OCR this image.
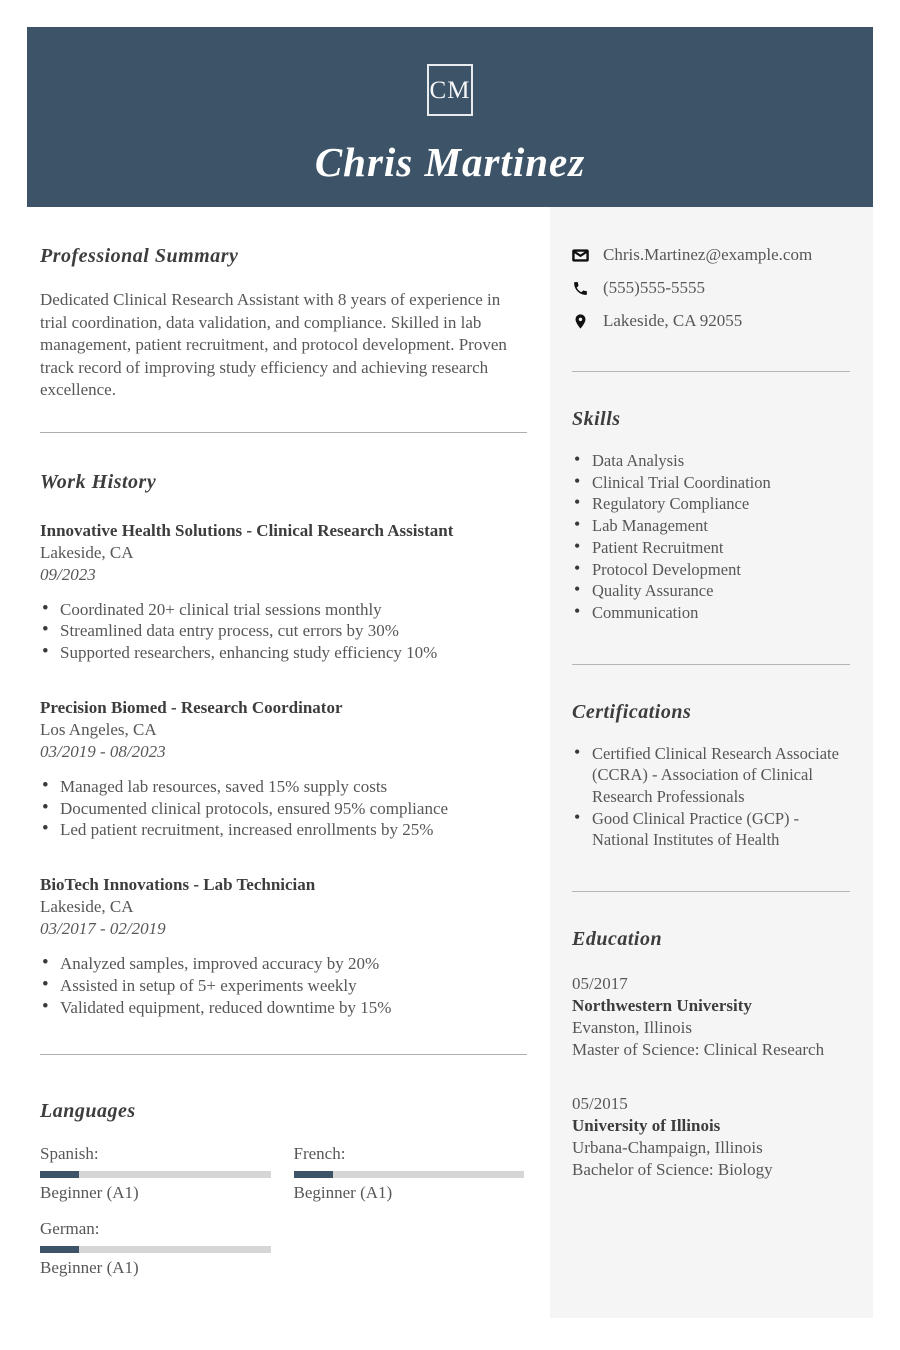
CM
Chris Martinez
Professional Summary

Dedicated Clinical Research Assistant with 8 years of experience in trial coordination, data validation, and compliance. Skilled in lab management, patient recruitment, and protocol development. Proven track record of improving study efficiency and achieving research excellence.

Work History
Innovative Health Solutions - Clinical Research Assistant
Lakeside, CA
09/2023
• Coordinated 20+ clinical trial sessions monthly
• Streamlined data entry process, cut errors by 30%
• Supported researchers, enhancing study efficiency 10%
Precision Biomed - Research Coordinator
Los Angeles, CA
03/2019 - 08/2023
• Managed lab resources, saved 15% supply costs
• Documented clinical protocols, ensured 95% compliance
• Led patient recruitment, increased enrollments by 25%
BioTech Innovations - Lab Technician
Lakeside, CA
03/2017 - 02/2019
• Analyzed samples, improved accuracy by 20%
• Assisted in setup of 5+ experiments weekly
• Validated equipment, reduced downtime by 15%
Languages
Spanish:
Beginner (A1)
French:
Beginner (A1)
German:
Beginner (A1)
Chris.Martinez@example.com
(555)555-5555
Lakeside, CA 92055
Skills
• Data Analysis
• Clinical Trial Coordination
• Regulatory Compliance
• Lab Management
• Patient Recruitment
• Protocol Development
• Quality Assurance
• Communication
Certifications
• Certified Clinical Research Associate (CCRA) - Association of Clinical Research Professionals
• Good Clinical Practice (GCP) - National Institutes of Health
Education
05/2017
Northwestern University
Evanston, Illinois
Master of Science: Clinical Research
05/2015
University of Illinois
Urbana-Champaign, Illinois
Bachelor of Science: Biology
